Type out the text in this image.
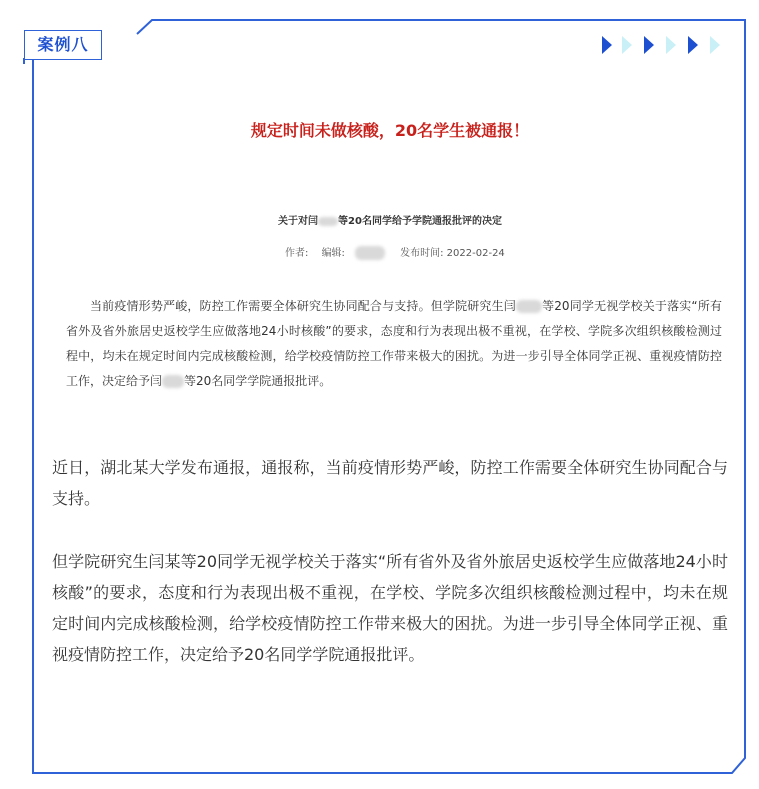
案例八
规定时间未做核酸，20名学生被通报！
关于对闫 等20名同学给予学院通报批评的决定
作者: 编辑:	发布时间: 2022-02-24
当前疫情形势严峻，防控工作需要全体研究生协同配合与支持。但学院研究生闫 等20同学无视学校关于落实“所有省外及省外旅居史返校学生应做落地24小时核酸”的要求，态度和行为表现出极不重视，在学校、学院多次组织核酸检测过程中，均未在规定时间内完成核酸检测，给学校疫情防控工作带来极大的困扰。为进一步引导全体同学正视、重视疫情防控工作，决定给予闫 等20名同学学院通报批评。

近日，湖北某大学发布通报，通报称，当前疫情形势严峻，防控工作需要全体研究生协同配合与支持。

但学院研究生闫某等20同学无视学校关于落实“所有省外及省外旅居史返校学生应做落地24小时核酸”的要求，态度和行为表现出极不重视，在学校、学院多次组织核酸检测过程中，均未在规定时间内完成核酸检测，给学校疫情防控工作带来极大的困扰。为进一步引导全体同学正视、重视疫情防控工作，决定给予20名同学学院通报批评。
